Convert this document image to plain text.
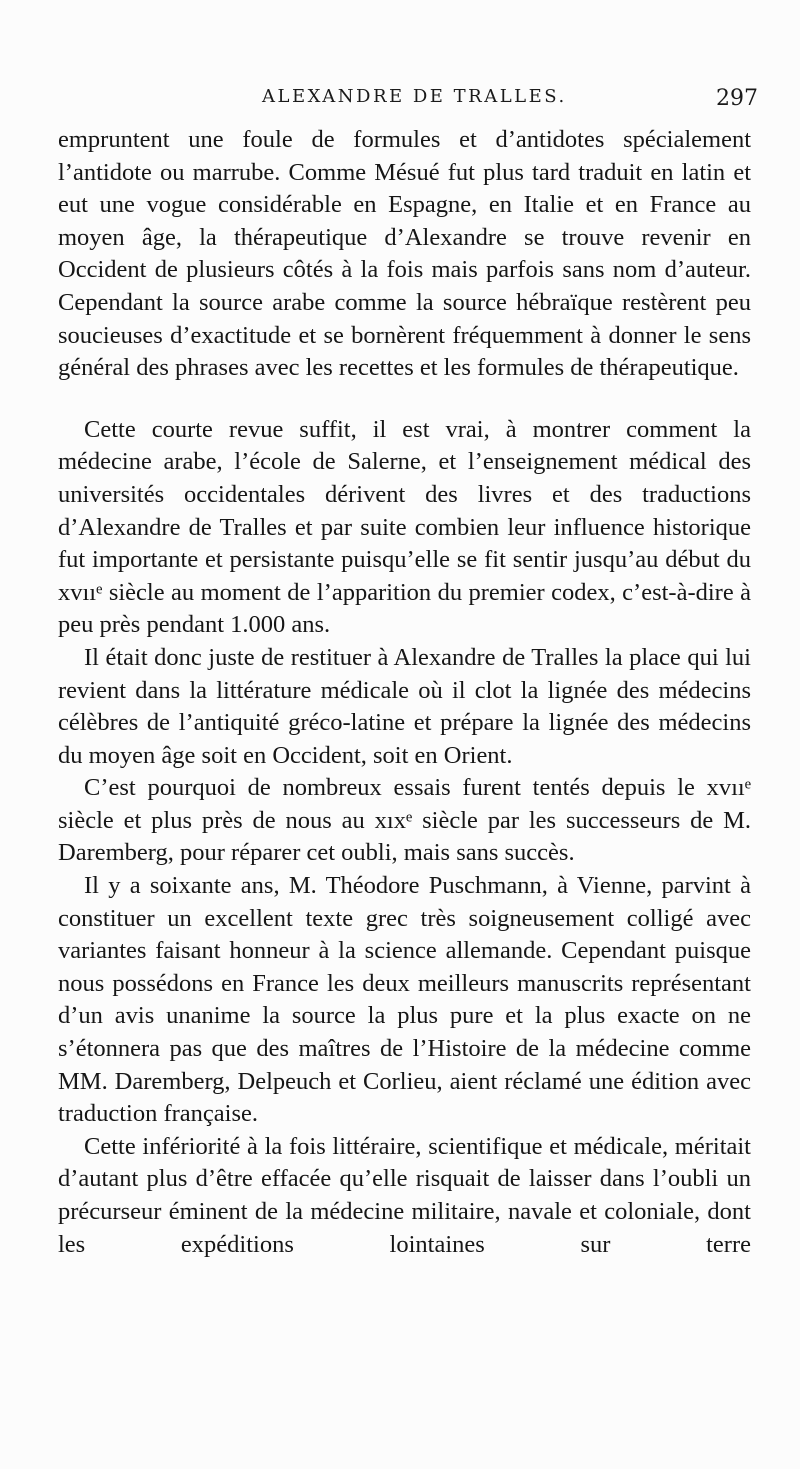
ALEXANDRE DE TRALLES.	297

empruntent une foule de formules et d’antidotes spécialement l’antidote ou marrube. Comme Mésué fut plus tard traduit en latin et eut une vogue considérable en Espagne, en Italie et en France au moyen âge, la thérapeutique d’Alexandre se trouve revenir en Occident de plusieurs côtés à la fois mais parfois sans nom d’auteur. Cependant la source arabe comme la source hébraïque restèrent peu soucieuses d’exactitude et se bornèrent fréquemment à donner le sens général des phrases avec les recettes et les formules de thérapeutique.

Cette courte revue suffit, il est vrai, à montrer comment la médecine arabe, l’école de Salerne, et l’enseignement médical des universités occidentales dérivent des livres et des traductions d’Alexandre de Tralles et par suite combien leur influence historique fut importante et persistante puisqu’elle se fit sentir jusqu’au début du xvııᵉ siècle au moment de l’apparition du premier codex, c’est-à-dire à peu près pendant 1.000 ans.

Il était donc juste de restituer à Alexandre de Tralles la place qui lui revient dans la littérature médicale où il clot la lignée des médecins célèbres de l’antiquité gréco-latine et prépare la lignée des médecins du moyen âge soit en Occident, soit en Orient.

C’est pourquoi de nombreux essais furent tentés depuis le xvııᵉ siècle et plus près de nous au xıxᵉ siècle par les successeurs de M. Daremberg, pour réparer cet oubli, mais sans succès.

Il y a soixante ans, M. Théodore Puschmann, à Vienne, parvint à constituer un excellent texte grec très soigneusement colligé avec variantes faisant honneur à la science allemande. Cependant puisque nous possédons en France les deux meilleurs manuscrits représentant d’un avis unanime la source la plus pure et la plus exacte on ne s’étonnera pas que des maîtres de l’Histoire de la médecine comme MM. Daremberg, Delpeuch et Corlieu, aient réclamé une édition avec traduction française.

Cette infériorité à la fois littéraire, scientifique et médicale, méritait d’autant plus d’être effacée qu’elle risquait de laisser dans l’oubli un précurseur éminent de la médecine militaire, navale et coloniale, dont les expéditions lointaines sur terre
